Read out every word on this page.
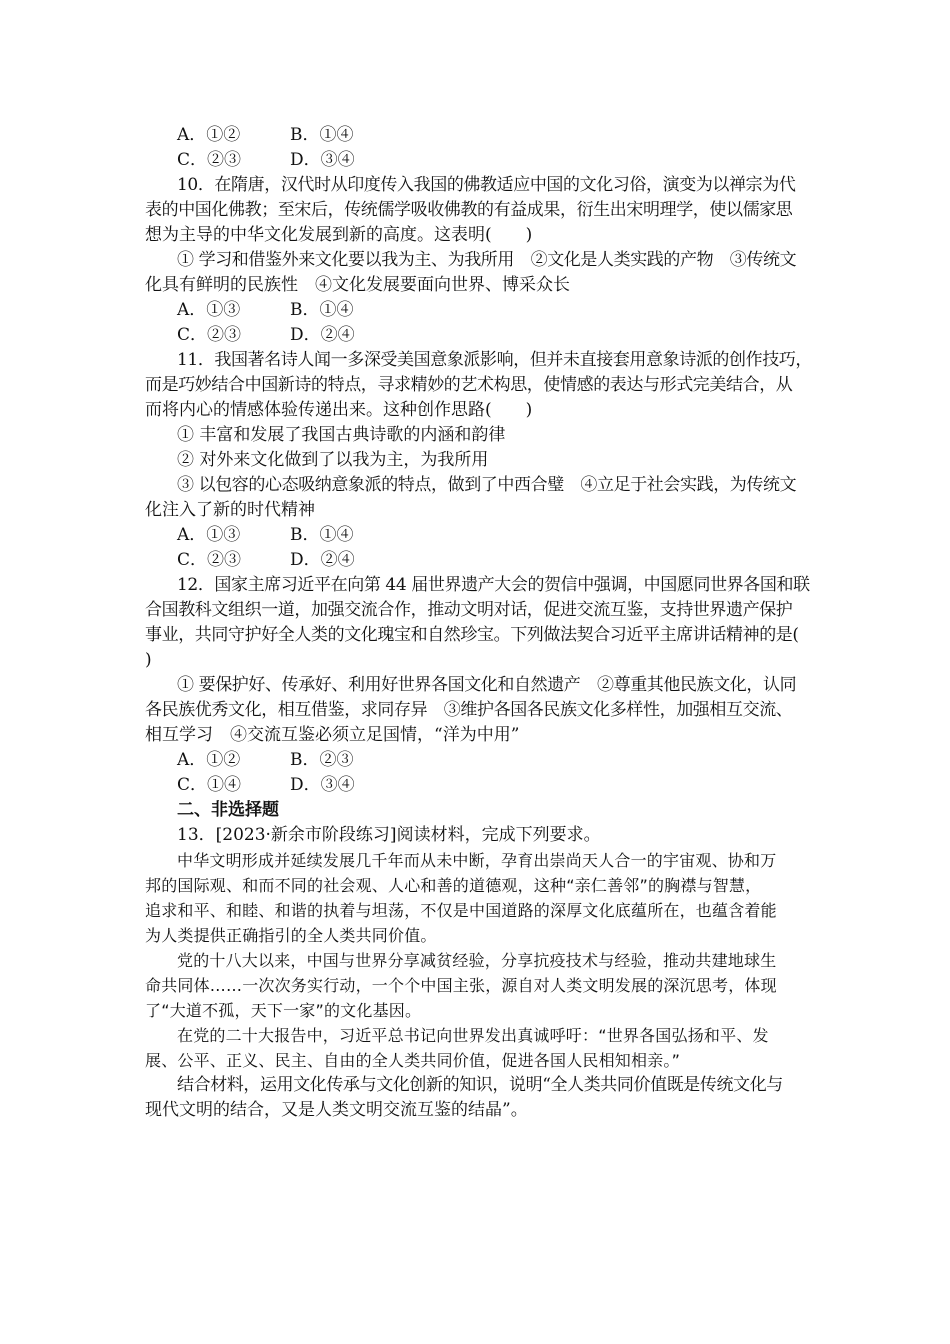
A．①②	B．①④
C．②③	D．③④
10．在隋唐，汉代时从印度传入我国的佛教适应中国的文化习俗，演变为以禅宗为代
表的中国化佛教；至宋后，传统儒学吸收佛教的有益成果，衍生出宋明理学，使以儒家思
想为主导的中华文化发展到新的高度。这表明(　　)
① 学习和借鉴外来文化要以我为主、为我所用　②文化是人类实践的产物　③传统文
化具有鲜明的民族性　④文化发展要面向世界、博采众长
A．①③	B．①④
C．②③	D．②④
11．我国著名诗人闻一多深受美国意象派影响，但并未直接套用意象诗派的创作技巧，
而是巧妙结合中国新诗的特点，寻求精妙的艺术构思，使情感的表达与形式完美结合，从
而将内心的情感体验传递出来。这种创作思路(　　)
① 丰富和发展了我国古典诗歌的内涵和韵律
② 对外来文化做到了以我为主，为我所用
③ 以包容的心态吸纳意象派的特点，做到了中西合璧　④立足于社会实践，为传统文
化注入了新的时代精神
A．①③	B．①④
C．②③	D．②④
12．国家主席习近平在向第 44 届世界遗产大会的贺信中强调，中国愿同世界各国和联
合国教科文组织一道，加强交流合作，推动文明对话，促进交流互鉴，支持世界遗产保护
事业，共同守护好全人类的文化瑰宝和自然珍宝。下列做法契合习近平主席讲话精神的是(
)
① 要保护好、传承好、利用好世界各国文化和自然遗产　②尊重其他民族文化，认同
各民族优秀文化，相互借鉴，求同存异　③维护各国各民族文化多样性，加强相互交流、
相互学习　④交流互鉴必须立足国情，“洋为中用”
A．①②	B．②③
C．①④	D．③④
二、非选择题
13．[2023·新余市阶段练习]阅读材料，完成下列要求。
中华文明形成并延续发展几千年而从未中断，孕育出崇尚天人合一的宇宙观、协和万
邦的国际观、和而不同的社会观、人心和善的道德观，这种“亲仁善邻”的胸襟与智慧，
追求和平、和睦、和谐的执着与坦荡，不仅是中国道路的深厚文化底蕴所在，也蕴含着能
为人类提供正确指引的全人类共同价值。
党的十八大以来，中国与世界分享减贫经验，分享抗疫技术与经验，推动共建地球生
命共同体……一次次务实行动，一个个中国主张，源自对人类文明发展的深沉思考，体现
了“大道不孤，天下一家”的文化基因。
在党的二十大报告中，习近平总书记向世界发出真诚呼吁：“世界各国弘扬和平、发
展、公平、正义、民主、自由的全人类共同价值，促进各国人民相知相亲。”
结合材料，运用文化传承与文化创新的知识，说明“全人类共同价值既是传统文化与
现代文明的结合，又是人类文明交流互鉴的结晶”。
